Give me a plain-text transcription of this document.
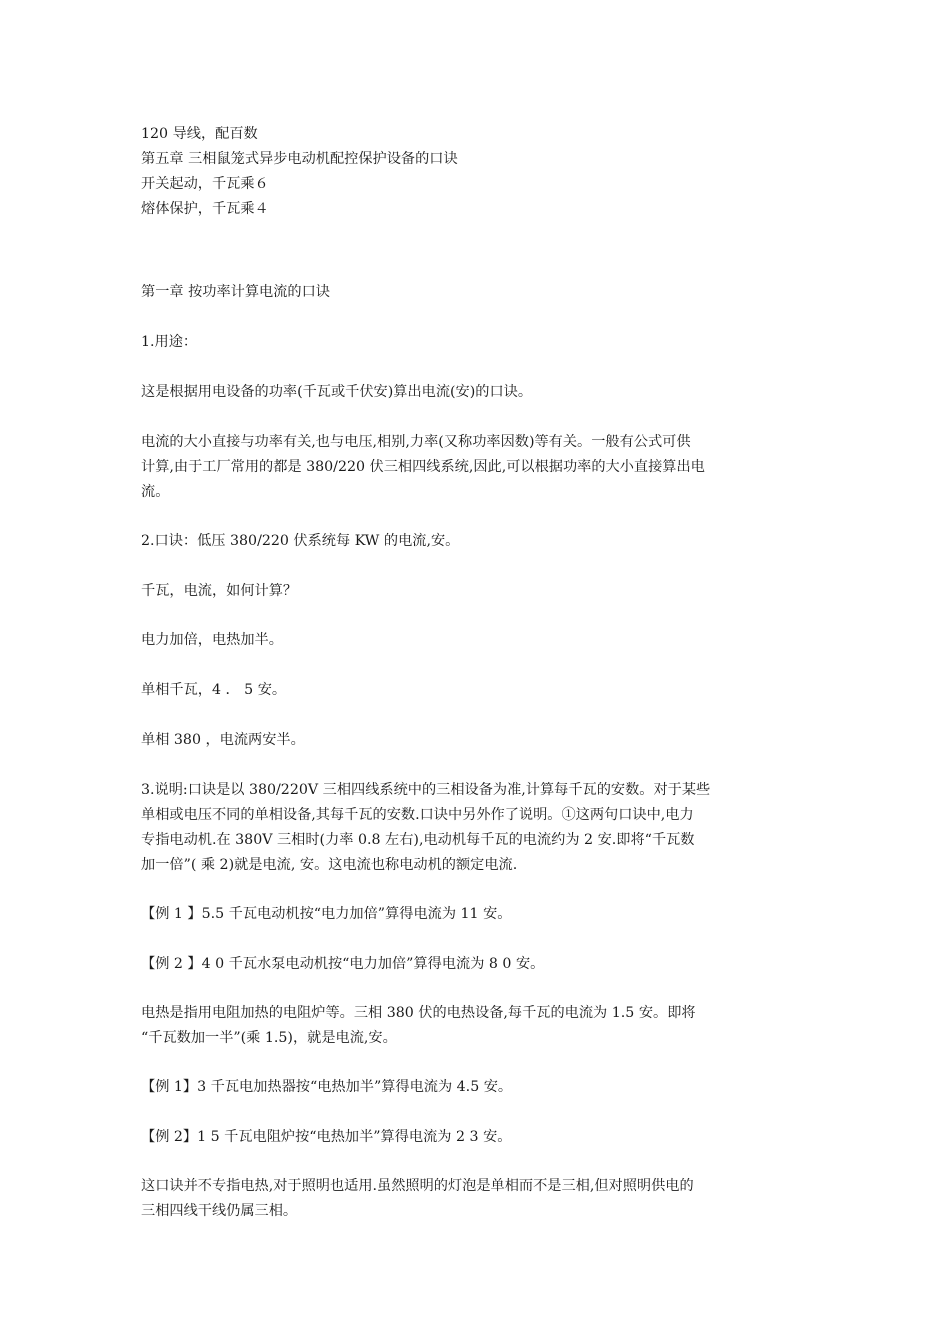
120 导线，配百数
第五章 三相鼠笼式异步电动机配控保护设备的口诀
开关起动，千瓦乘６
熔体保护，千瓦乘４
第一章 按功率计算电流的口诀
1.用途：
这是根据用电设备的功率(千瓦或千伏安)算出电流(安)的口诀。
电流的大小直接与功率有关,也与电压,相别,力率(又称功率因数)等有关。一般有公式可供
计算,由于工厂常用的都是 380/220 伏三相四线系统,因此,可以根据功率的大小直接算出电
流。
2.口诀：低压 380/220 伏系统每 KW 的电流,安。
千瓦，电流，如何计算？
电力加倍，电热加半。
单相千瓦，4 ． 5 安。
单相 380 ，电流两安半。
3.说明:口诀是以 380/220V 三相四线系统中的三相设备为准,计算每千瓦的安数。对于某些
单相或电压不同的单相设备,其每千瓦的安数.口诀中另外作了说明。①这两句口诀中,电力
专指电动机.在 380V 三相时(力率 0.8 左右),电动机每千瓦的电流约为 2 安.即将“千瓦数
加一倍”( 乘 2)就是电流, 安。这电流也称电动机的额定电流.
【例 1 】5.5 千瓦电动机按“电力加倍”算得电流为 11 安。
【例 2 】4 0 千瓦水泵电动机按“电力加倍”算得电流为 8 0 安。
电热是指用电阻加热的电阻炉等。三相 380 伏的电热设备,每千瓦的电流为 1.5 安。即将
“千瓦数加一半”(乘 1.5)，就是电流,安。
【例 1】3 千瓦电加热器按“电热加半”算得电流为 4.5 安。
【例 2】1 5 千瓦电阻炉按“电热加半”算得电流为 2 3 安。
这口诀并不专指电热,对于照明也适用.虽然照明的灯泡是单相而不是三相,但对照明供电的
三相四线干线仍属三相。
